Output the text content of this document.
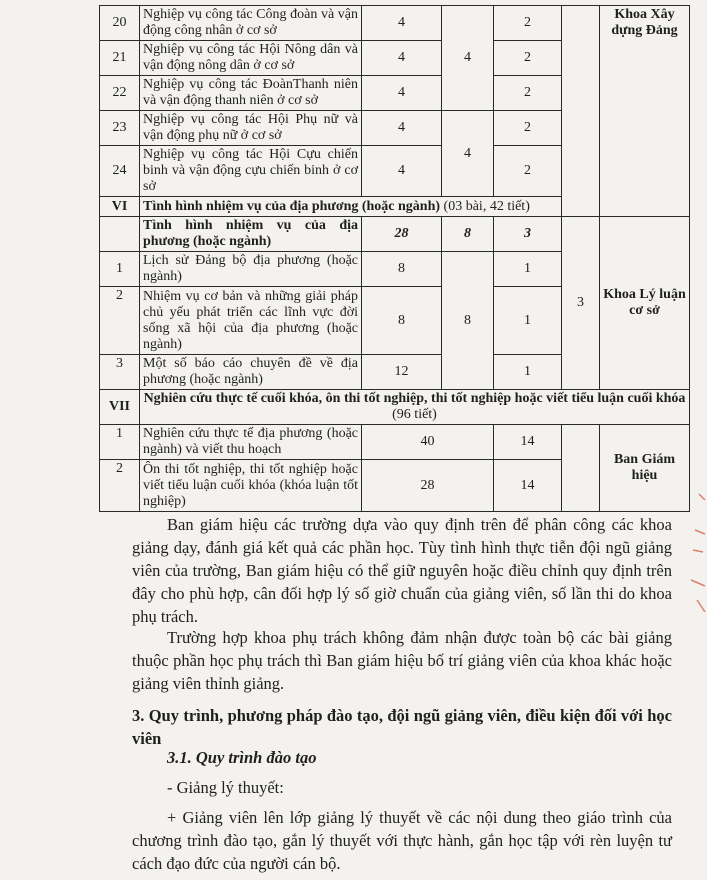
20	Nghiệp vụ công tác Công đoàn và vận động công nhân ở cơ sở	4	4	2		Khoa Xây dựng Đảng
21	Nghiệp vụ công tác Hội Nông dân và vận động nông dân ở cơ sở	4		2		
22	Nghiệp vụ công tác ĐoànThanh niên và vận động thanh niên ở cơ sở	4		2		
23	Nghiệp vụ công tác Hội Phụ nữ và vận động phụ nữ ở cơ sở	4	4	2		
24	Nghiệp vụ công tác Hội Cựu chiến binh và vận động cựu chiến binh ở cơ sở	4		2		
VI	Tình hình nhiệm vụ của địa phương (hoặc ngành) (03 bài, 42 tiết)					
	Tình hình nhiệm vụ của địa phương (hoặc ngành)	28	8	3	3	Khoa Lý luận cơ sở
1	Lịch sử Đảng bộ địa phương (hoặc ngành)	8	8	1		
2	Nhiệm vụ cơ bản và những giải pháp chủ yếu phát triển các lĩnh vực đời sống xã hội của địa phương (hoặc ngành)	8		1		
3	Một số báo cáo chuyên đề về địa phương (hoặc ngành)	12		1		
VII	Nghiên cứu thực tế cuối khóa, ôn thi tốt nghiệp, thi tốt nghiệp hoặc viết tiểu luận cuối khóa (96 tiết)					
1	Nghiên cứu thực tế địa phương (hoặc ngành) và viết thu hoạch	40		14		Ban Giám hiệu
2	Ôn thi tốt nghiệp, thi tốt nghiệp hoặc viết tiểu luận cuối khóa (khóa luận tốt nghiệp)	28		14		
Ban giám hiệu các trường dựa vào quy định trên để phân công các khoa giảng dạy, đánh giá kết quả các phần học. Tùy tình hình thực tiễn đội ngũ giảng viên của trường, Ban giám hiệu có thể giữ nguyên hoặc điều chỉnh quy định trên đây cho phù hợp, cân đối hợp lý số giờ chuẩn của giảng viên, số lần thi do khoa phụ trách.
Trường hợp khoa phụ trách không đảm nhận được toàn bộ các bài giảng thuộc phần học phụ trách thì Ban giám hiệu bố trí giảng viên của khoa khác hoặc giảng viên thỉnh giảng.
3. Quy trình, phương pháp đào tạo, đội ngũ giảng viên, điều kiện đối với học viên
3.1. Quy trình đào tạo
- Giảng lý thuyết:
+ Giảng viên lên lớp giảng lý thuyết về các nội dung theo giáo trình của chương trình đào tạo, gắn lý thuyết với thực hành, gắn học tập với rèn luyện tư cách đạo đức của người cán bộ.
